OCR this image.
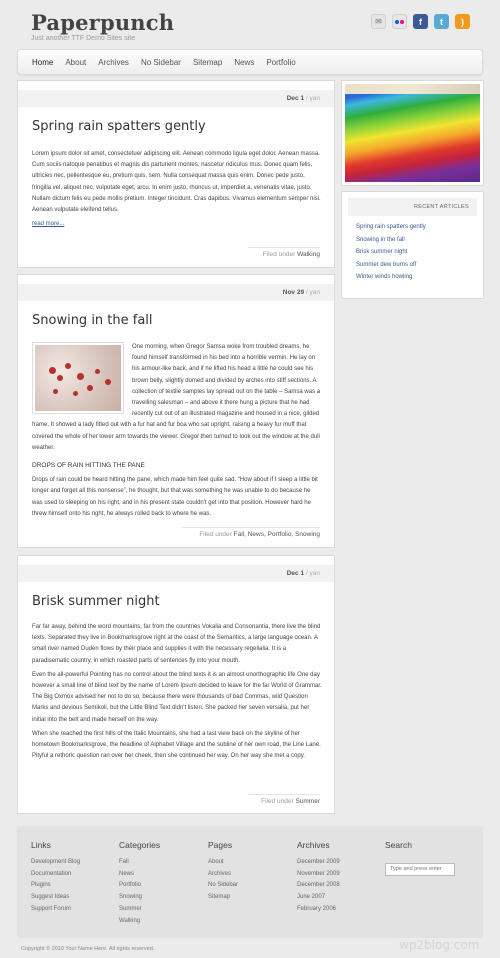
Paperpunch
Just another TTF Demo Sites site
✉	f	t	)
Home About Archives No Sidebar Sitemap News Portfolio
Dec 1 / yan
Spring rain spatters gently

Lorem ipsum dolor sit amet, consectetuer adipiscing elit. Aenean commodo ligula eget dolor. Aenean massa. Cum sociis natoque penatibus et magnis dis parturient montes, nascetur ridiculus mus. Donec quam felis, ultricies nec, pellentesque eu, pretium quis, sem. Nulla consequat massa quis enim. Donec pede justo, fringilla vel, aliquet nec, vulputate eget, arcu. In enim justo, rhoncus ut, imperdiet a, venenatis vitae, justo. Nullam dictum felis eu pede mollis pretium. Integer tincidunt. Cras dapibus. Vivamus elementum semper nisi. Aenean vulputate eleifend tellus.

read more...
Filed under Walking
Nov 29 / yan
Snowing in the fall

One morning, when Gregor Samsa woke from troubled dreams, he found himself transformed in his bed into a horrible vermin. He lay on his armour-like back, and if he lifted his head a little he could see his brown belly, slightly domed and divided by arches into stiff sections. A collection of textile samples lay spread out on the table – Samsa was a travelling salesman – and above it there hung a picture that he had recently cut out of an illustrated magazine and housed in a nice, gilded frame. It showed a lady fitted out with a fur hat and fur boa who sat upright, raising a heavy fur muff that covered the whole of her lower arm towards the viewer. Gregor then turned to look out the window at the dull weather.

DROPS OF RAIN HITTING THE PANE

Drops of rain could be heard hitting the pane, which made him feel quite sad. “How about if I sleep a little bit longer and forget all this nonsense”, he thought, but that was something he was unable to do because he was used to sleeping on his right, and in his present state couldn't get into that position. However hard he threw himself onto his right, he always rolled back to where he was.

Filed under Fall, News, Portfolio, Snowing
Dec 1 / yan
Brisk summer night

Far far away, behind the word mountains, far from the countries Vokalia and Consonantia, there live the blind texts. Separated they live in Bookmarksgrove right at the coast of the Semantics, a large language ocean. A small river named Duden flows by their place and supplies it with the necessary regelialia. It is a paradisematic country, in which roasted parts of sentences fly into your mouth.

Even the all-powerful Pointing has no control about the blind texts it is an almost unorthographic life One day however a small line of blind text by the name of Lorem Ipsum decided to leave for the far World of Grammar. The Big Oxmox advised her not to do so, because there were thousands of bad Commas, wild Question Marks and devious Semikoli, but the Little Blind Text didn't listen. She packed her seven versalia, put her initial into the belt and made herself on the way.

When she reached the first hills of the Italic Mountains, she had a last view back on the skyline of her hometown Bookmarksgrove, the headline of Alphabet Village and the subline of her own road, the Line Lane. Pityful a rethoric question ran over her cheek, then she continued her way. On her way she met a copy.

Filed under Summer
RECENT ARTICLES
Spring rain spatters gently
Snowing in the fall
Brisk summer night
Summer dew burns off
Winter winds howling
Links
Development Blog
Documentation
Plugins
Suggest Ideas
Support Forum
Categories
Fall
News
Portfolio
Snowing
Summer
Walking
Pages
About
Archives
No Sidebar
Sitemap
Archives
December 2009
November 2009
December 2008
June 2007
February 2006
Search
Type and press enter
Copyright © 2010 Your Name Here. All rights reserved.	wp2blog.com
